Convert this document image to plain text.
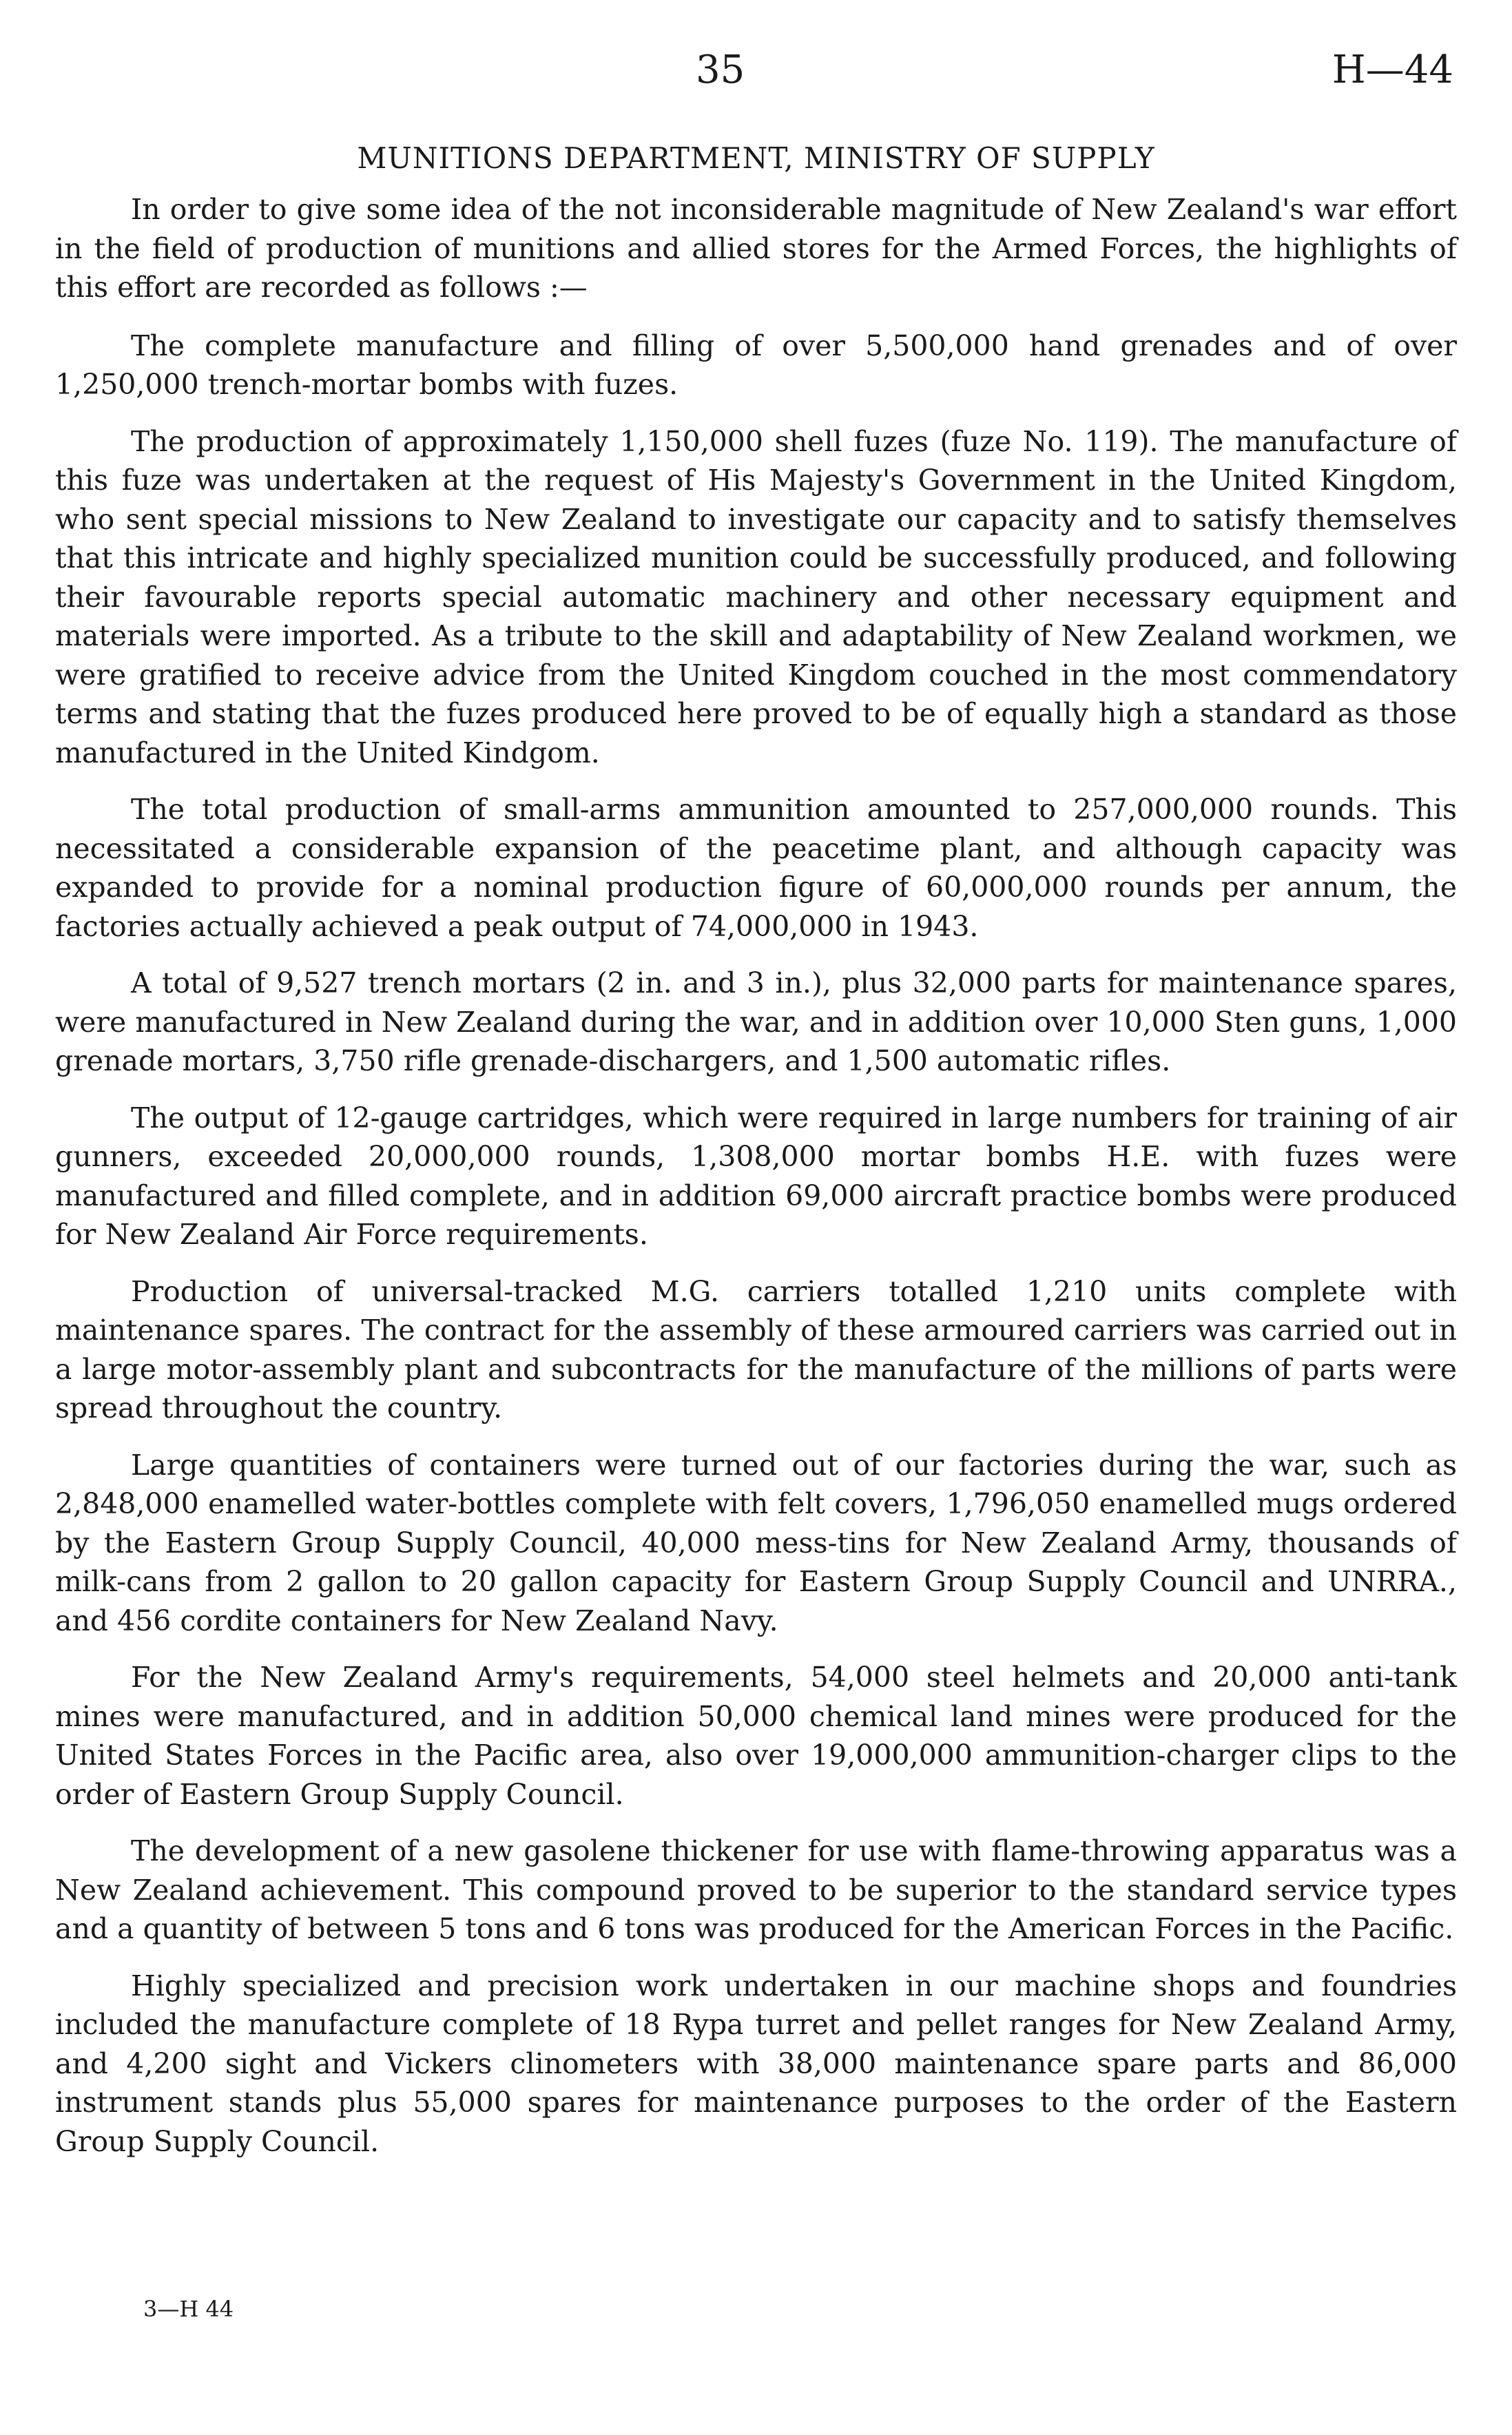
35	H—44
MUNITIONS DEPARTMENT, MINISTRY OF SUPPLY

In order to give some idea of the not inconsiderable magnitude of New Zealand's war effort in the field of production of munitions and allied stores for the Armed Forces, the highlights of this effort are recorded as follows :—

The complete manufacture and filling of over 5,500,000 hand grenades and of over 1,250,000 trench-mortar bombs with fuzes.

The production of approximately 1,150,000 shell fuzes (fuze No. 119). The manufacture of this fuze was undertaken at the request of His Majesty's Government in the United Kingdom, who sent special missions to New Zealand to investigate our capacity and to satisfy themselves that this intricate and highly specialized munition could be successfully produced, and following their favourable reports special automatic machinery and other necessary equipment and materials were imported. As a tribute to the skill and adaptability of New Zealand workmen, we were gratified to receive advice from the United Kingdom couched in the most commendatory terms and stating that the fuzes produced here proved to be of equally high a standard as those manufactured in the United Kindgom.

The total production of small-arms ammunition amounted to 257,000,000 rounds. This necessitated a considerable expansion of the peacetime plant, and although capacity was expanded to provide for a nominal production figure of 60,000,000 rounds per annum, the factories actually achieved a peak output of 74,000,000 in 1943.

A total of 9,527 trench mortars (2 in. and 3 in.), plus 32,000 parts for maintenance spares, were manufactured in New Zealand during the war, and in addition over 10,000 Sten guns, 1,000 grenade mortars, 3,750 rifle grenade-dischargers, and 1,500 automatic rifles.

The output of 12-gauge cartridges, which were required in large numbers for training of air gunners, exceeded 20,000,000 rounds, 1,308,000 mortar bombs H.E. with fuzes were manufactured and filled complete, and in addition 69,000 aircraft practice bombs were produced for New Zealand Air Force requirements.

Production of universal-tracked M.G. carriers totalled 1,210 units complete with maintenance spares. The contract for the assembly of these armoured carriers was carried out in a large motor-assembly plant and subcontracts for the manufacture of the millions of parts were spread throughout the country.

Large quantities of containers were turned out of our factories during the war, such as 2,848,000 enamelled water-bottles complete with felt covers, 1,796,050 enamelled mugs ordered by the Eastern Group Supply Council, 40,000 mess-tins for New Zealand Army, thousands of milk-cans from 2 gallon to 20 gallon capacity for Eastern Group Supply Council and UNRRA., and 456 cordite containers for New Zealand Navy.

For the New Zealand Army's requirements, 54,000 steel helmets and 20,000 anti-tank mines were manufactured, and in addition 50,000 chemical land mines were produced for the United States Forces in the Pacific area, also over 19,000,000 ammunition-charger clips to the order of Eastern Group Supply Council.

The development of a new gasolene thickener for use with flame-throwing apparatus was a New Zealand achievement. This compound proved to be superior to the standard service types and a quantity of between 5 tons and 6 tons was produced for the American Forces in the Pacific.

Highly specialized and precision work undertaken in our machine shops and foundries included the manufacture complete of 18 Rypa turret and pellet ranges for New Zealand Army, and 4,200 sight and Vickers clinometers with 38,000 maintenance spare parts and 86,000 instrument stands plus 55,000 spares for maintenance purposes to the order of the Eastern Group Supply Council.

3—H 44
